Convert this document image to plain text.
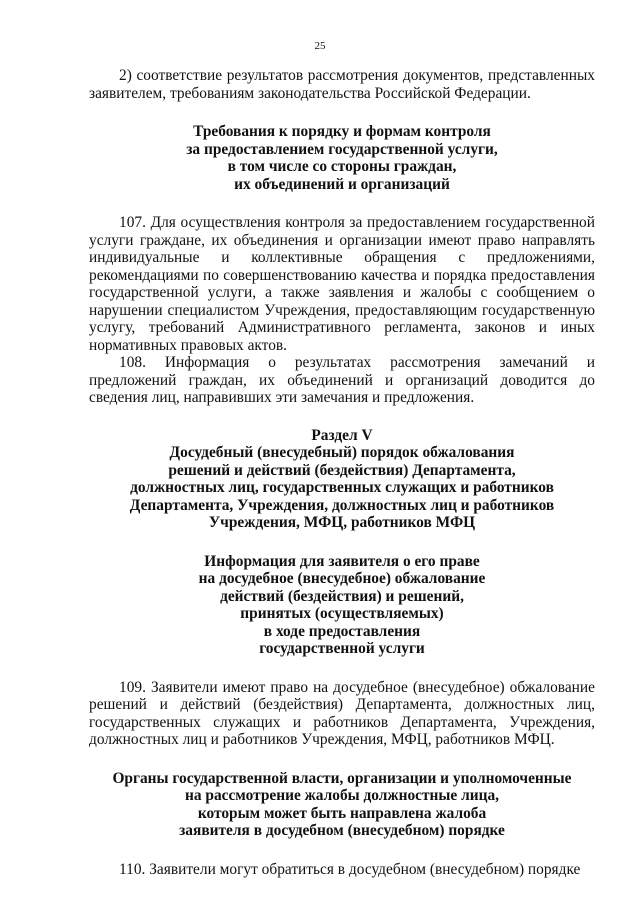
25

2) соответствие результатов рассмотрения документов, представленных заявителем, требованиям законодательства Российской Федерации.

Требования к порядку и формам контроля
за предоставлением государственной услуги,
в том числе со стороны граждан,
их объединений и организаций

107. Для осуществления контроля за предоставлением государственной услуги граждане, их объединения и организации имеют право направлять индивидуальные и коллективные обращения с предложениями, рекомендациями по совершенствованию качества и порядка предоставления государственной услуги, а также заявления и жалобы с сообщением о нарушении специалистом Учреждения, предоставляющим государственную услугу, требований Административного регламента, законов и иных нормативных правовых актов.

108. Информация о результатах рассмотрения замечаний и предложений граждан, их объединений и организаций доводится до сведения лиц, направивших эти замечания и предложения.

Раздел V
Досудебный (внесудебный) порядок обжалования
решений и действий (бездействия) Департамента,
должностных лиц, государственных служащих и работников
Департамента, Учреждения, должностных лиц и работников
Учреждения, МФЦ, работников МФЦ
Информация для заявителя о его праве
на досудебное (внесудебное) обжалование
действий (бездействия) и решений,
принятых (осуществляемых)
в ходе предоставления
государственной услуги

109. Заявители имеют право на досудебное (внесудебное) обжалование решений и действий (бездействия) Департамента, должностных лиц, государственных служащих и работников Департамента, Учреждения, должностных лиц и работников Учреждения, МФЦ, работников МФЦ.

Органы государственной власти, организации и уполномоченные
на рассмотрение жалобы должностные лица,
которым может быть направлена жалоба
заявителя в досудебном (внесудебном) порядке

110. Заявители могут обратиться в досудебном (внесудебном) порядке
